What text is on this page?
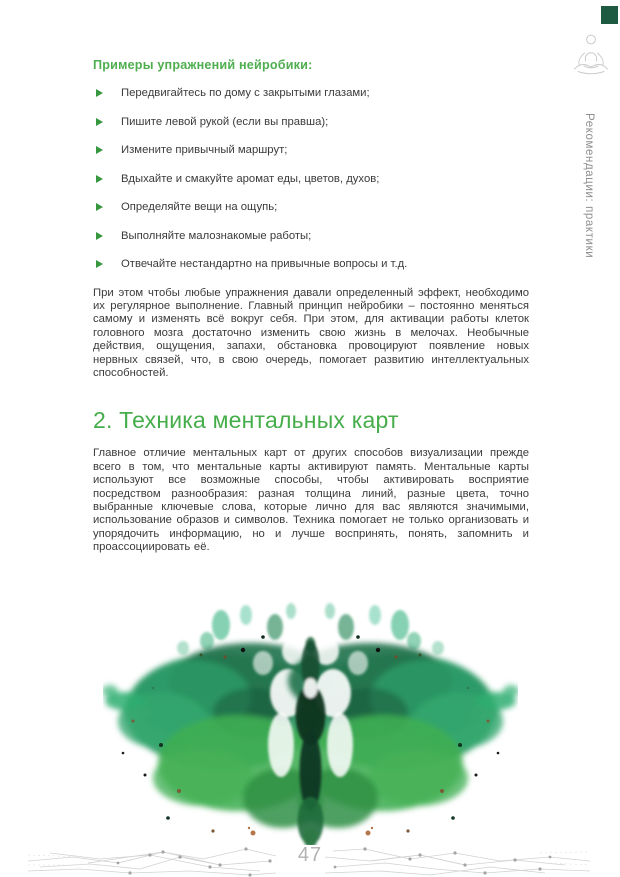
Рекомендации: практики
Примеры упражнений нейробики:
Передвигайтесь по дому с закрытыми глазами;
Пишите левой рукой (если вы правша);
Измените привычный маршрут;
Вдыхайте и смакуйте аромат еды, цветов, духов;
Определяйте вещи на ощупь;
Выполняйте малознакомые работы;
Отвечайте нестандартно на привычные вопросы и т.д.

При этом чтобы любые упражнения давали определенный эффект, необходимо их регулярное выполнение. Главный принцип нейробики – постоянно меняться самому и изменять всё вокруг себя. При этом, для активации работы клеток головного мозга достаточно изменить свою жизнь в мелочах. Необычные действия, ощущения, запахи, обстановка провоцируют появление новых нервных связей, что, в свою очередь, помогает развитию интеллектуальных способностей.

2. Техника ментальных карт

Главное отличие ментальных карт от других способов визуализации прежде всего в том, что ментальные карты активируют память. Ментальные карты используют все возможные способы, чтобы активировать восприятие посредством разнообразия: разная толщина линий, разные цвета, точно выбранные ключевые слова, которые лично для вас являются значимыми, использование образов и символов. Техника помогает не только организовать и упорядочить информацию, но и лучше воспринять, понять, запомнить и проассоциировать её.

47
